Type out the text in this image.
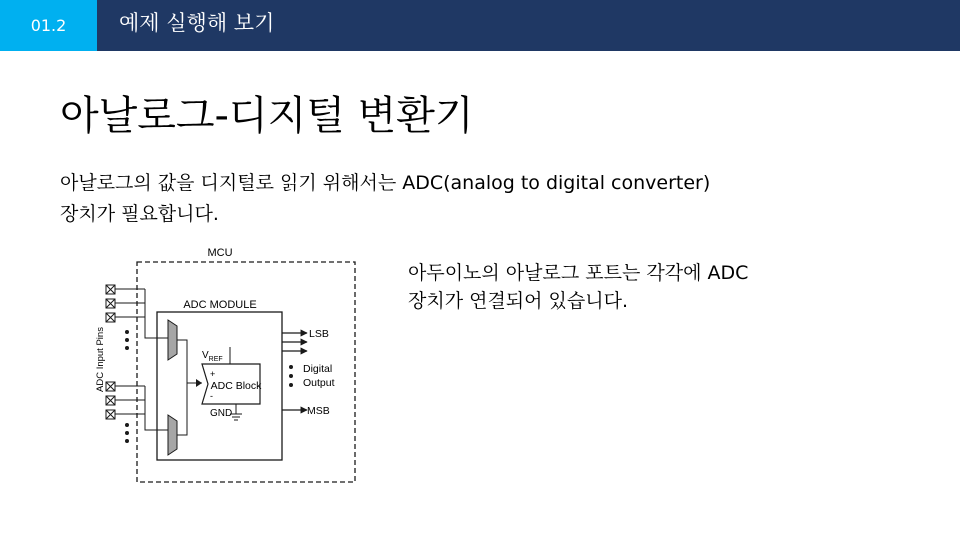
01.2	예제 실행해 보기
아날로그-디지털 변환기
아날로그의 값을 디지털로 읽기 위해서는 ADC(analog to digital converter)
장치가 필요합니다.
아두이노의 아날로그 포트는 각각에 ADC
장치가 연결되어 있습니다.
MCU
ADC MODULE
ADC Input Pins	ADC Block
+
-
$V_{REF}$
GND
LSB
MSB
Digital
Output
